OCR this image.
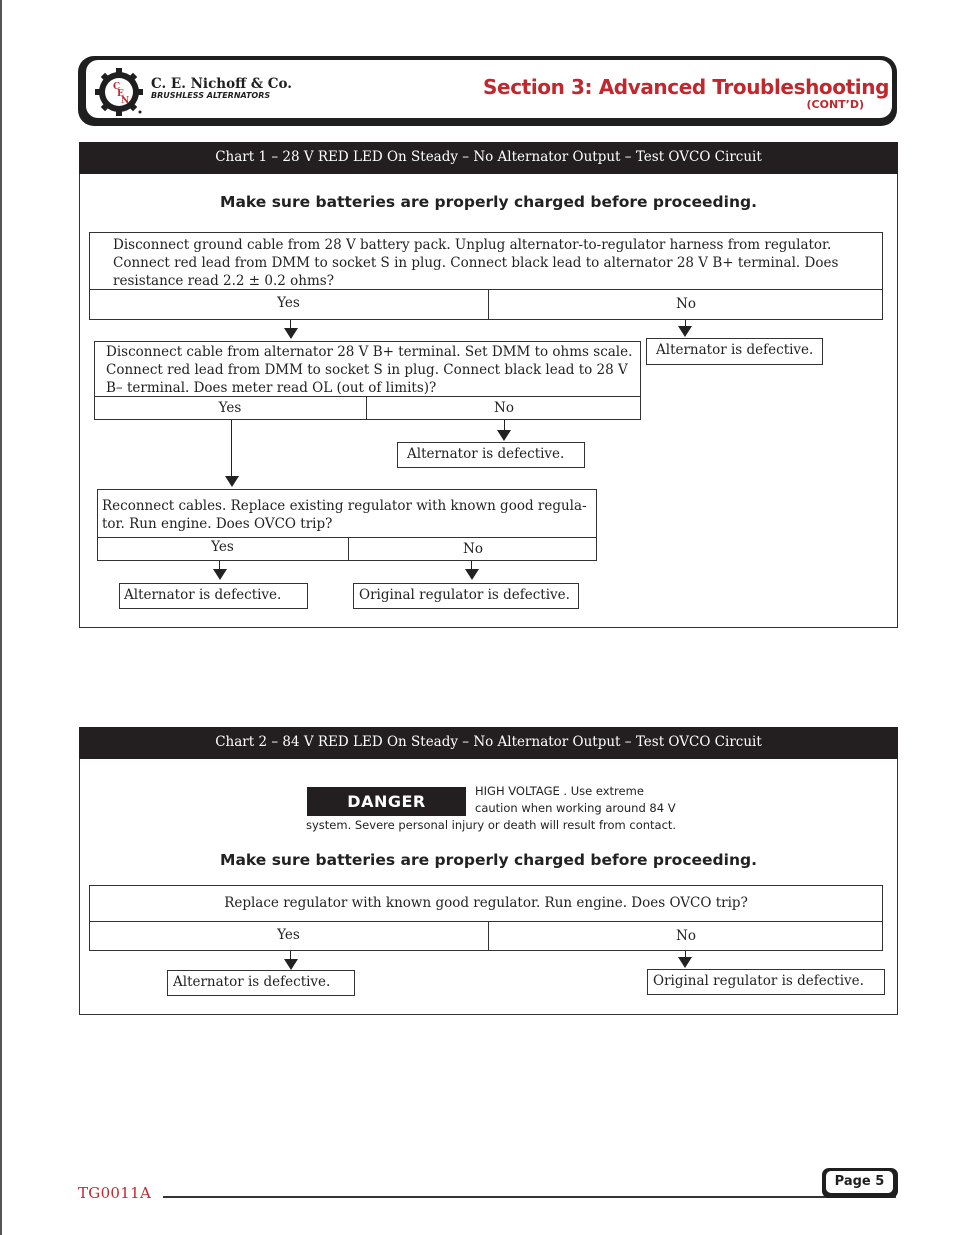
C
E
N
C. E. Nichoff & Co.
BRUSHLESS ALTERNATORS	Section 3: Advanced Troubleshooting
(CONT’D)
Chart 1 – 28 V RED LED On Steady – No Alternator Output – Test OVCO Circuit
Make sure batteries are properly charged before proceeding.
Disconnect ground cable from 28 V battery pack. Unplug alternator-to-regulator harness from regulator. Connect red lead from DMM to socket S in plug. Connect black lead to alternator 28 V B+ terminal. Does resistance read 2.2 ± 0.2 ohms?
Yes	No
Alternator is defective.
Disconnect cable from alternator 28 V B+ terminal. Set DMM to ohms scale. Connect red lead from DMM to socket S in plug. Connect black lead to 28 V B– terminal. Does meter read OL (out of limits)?
Yes	No
Alternator is defective.
Reconnect cables. Replace existing regulator with known good regula-tor. Run engine. Does OVCO trip?
Yes	No
Alternator is defective.	Original regulator is defective.
Chart 2 – 84 V RED LED On Steady – No Alternator Output – Test OVCO Circuit
DANGER
HIGH VOLTAGE . Use extreme
caution when working around 84 V
system. Severe personal injury or death will result from contact.
Make sure batteries are properly charged before proceeding.
Replace regulator with known good regulator. Run engine. Does OVCO trip?
Yes	No
Alternator is defective.	Original regulator is defective.
TG0011A
Page 5
